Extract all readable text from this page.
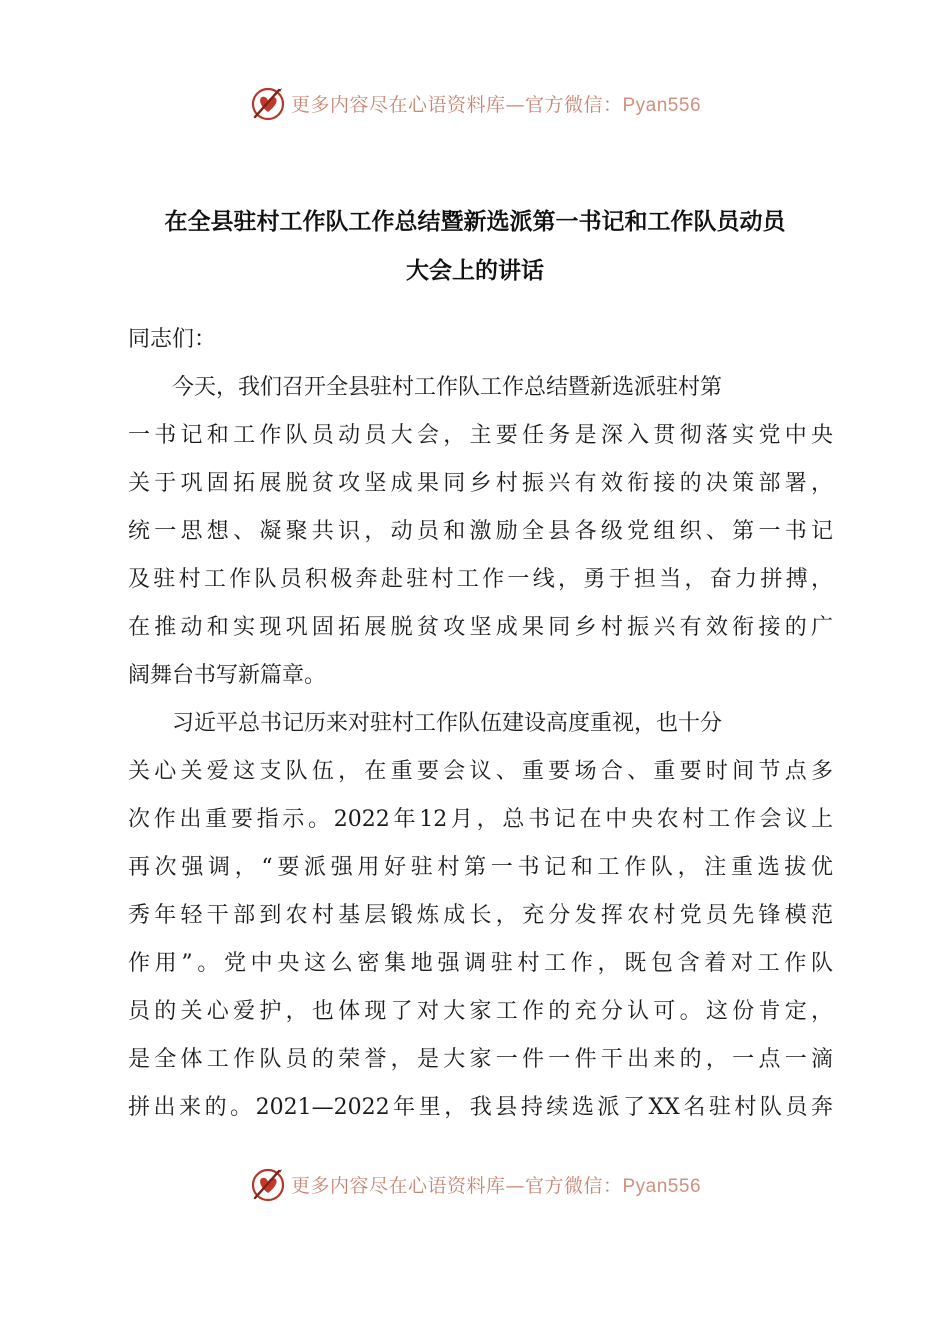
更多内容尽在心语资料库—官方微信：Pyan556
在全县驻村工作队工作总结暨新选派第一书记和工作队员动员
大会上的讲话
同志们：
今天，我们召开全县驻村工作队工作总结暨新选派驻村第
一书记和工作队员动员大会，主要任务是深入贯彻落实党中央
关于巩固拓展脱贫攻坚成果同乡村振兴有效衔接的决策部署，
统一思想、凝聚共识，动员和激励全县各级党组织、第一书记
及驻村工作队员积极奔赴驻村工作一线，勇于担当，奋力拼搏，
在推动和实现巩固拓展脱贫攻坚成果同乡村振兴有效衔接的广
阔舞台书写新篇章。
习近平总书记历来对驻村工作队伍建设高度重视，也十分
关心关爱这支队伍，在重要会议、重要场合、重要时间节点多
次作出重要指示。2022年12月，总书记在中央农村工作会议上
再次强调，“要派强用好驻村第一书记和工作队，注重选拔优
秀年轻干部到农村基层锻炼成长，充分发挥农村党员先锋模范
作用”。党中央这么密集地强调驻村工作，既包含着对工作队
员的关心爱护，也体现了对大家工作的充分认可。这份肯定，
是全体工作队员的荣誉，是大家一件一件干出来的，一点一滴
拼出来的。2021—2022年里，我县持续选派了XX名驻村队员奔
更多内容尽在心语资料库—官方微信：Pyan556
